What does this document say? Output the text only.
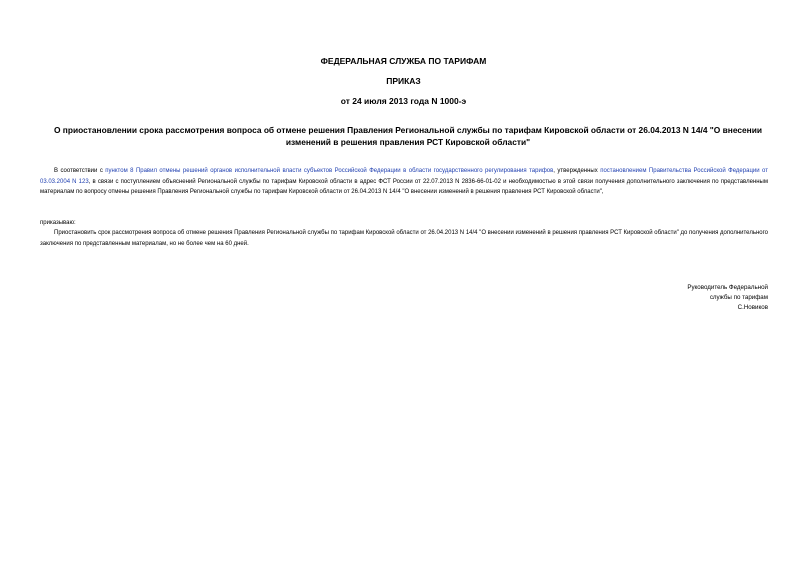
ФЕДЕРАЛЬНАЯ СЛУЖБА ПО ТАРИФАМ
ПРИКАЗ
от 24 июля 2013 года N 1000-э
О приостановлении срока рассмотрения вопроса об отмене решения Правления Региональной службы по тарифам Кировской области от 26.04.2013 N 14/4 "О внесении изменений в решения правления РСТ Кировской области"
В соответствии с пунктом 8 Правил отмены решений органов исполнительной власти субъектов Российской Федерации в области государственного регулирования тарифов, утвержденных постановлением Правительства Российской Федерации от 03.03.2004 N 123, в связи с поступлением объяснений Региональной службы по тарифам Кировской области в адрес ФСТ России от 22.07.2013 N 2836-66-01-02 и необходимостью в этой связи получения дополнительного заключения по представленным материалам по вопросу отмены решения Правления Региональной службы по тарифам Кировской области от 26.04.2013 N 14/4 "О внесении изменений в решения правления РСТ Кировской области",
приказываю:
Приостановить срок рассмотрения вопроса об отмене решения Правления Региональной службы по тарифам Кировской области от 26.04.2013 N 14/4 "О внесении изменений в решения правления РСТ Кировской области" до получения дополнительного заключения по представленным материалам, но не более чем на 60 дней.
Руководитель Федеральной
службы по тарифам
С.Новиков
